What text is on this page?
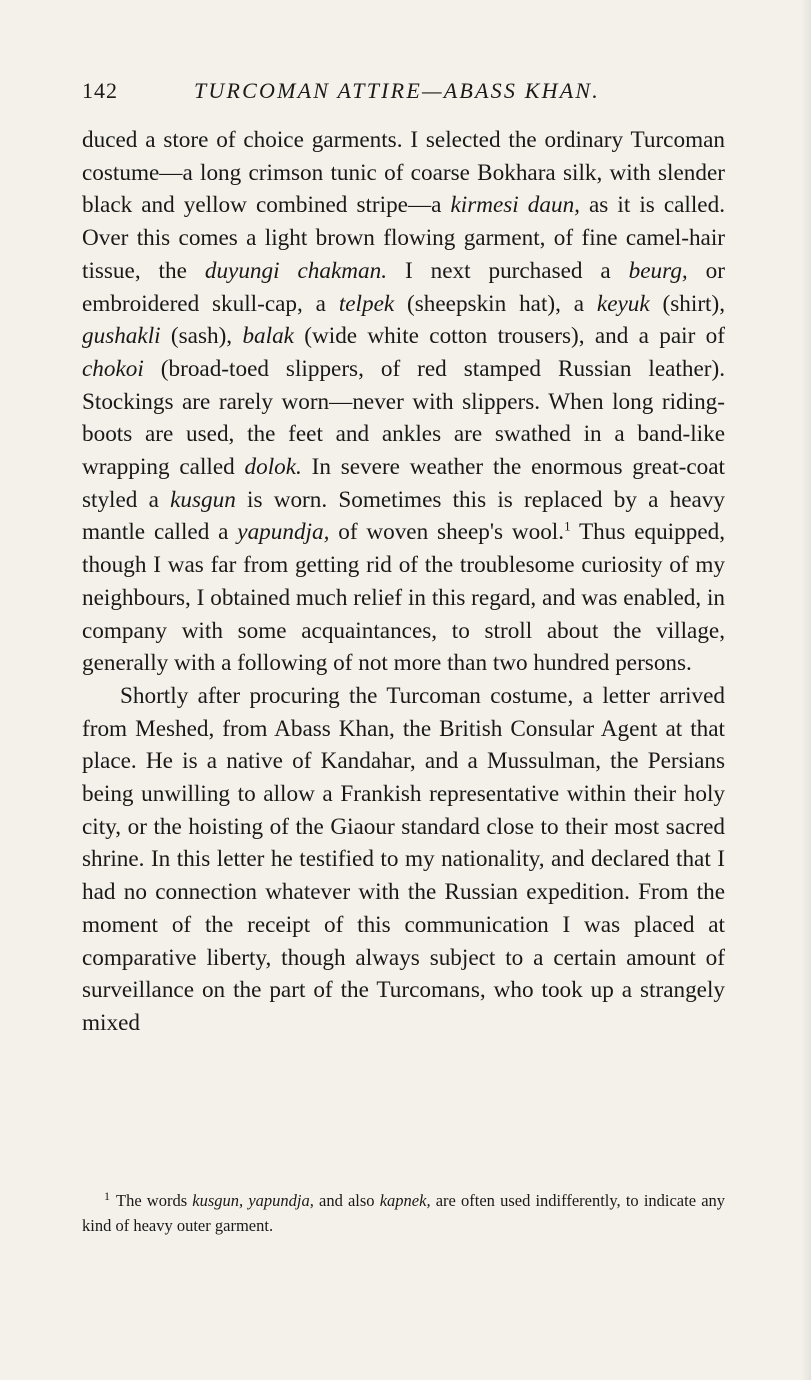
142	TURCOMAN ATTIRE—ABASS KHAN.

duced a store of choice garments. I selected the ordinary Turcoman costume—a long crimson tunic of coarse Bokhara silk, with slender black and yellow combined stripe—a kirmesi daun, as it is called. Over this comes a light brown flowing garment, of fine camel-hair tissue, the duyungi chakman. I next purchased a beurg, or embroidered skull-cap, a telpek (sheepskin hat), a keyuk (shirt), gushakli (sash), balak (wide white cotton trousers), and a pair of chokoi (broad-toed slippers, of red stamped Russian leather). Stockings are rarely worn—never with slippers. When long riding-boots are used, the feet and ankles are swathed in a band-like wrapping called dolok. In severe weather the enormous great-coat styled a kusgun is worn. Sometimes this is replaced by a heavy mantle called a yapundja, of woven sheep's wool.$^1$ Thus equipped, though I was far from getting rid of the troublesome curiosity of my neighbours, I obtained much relief in this regard, and was enabled, in company with some acquaintances, to stroll about the village, generally with a following of not more than two hundred persons.

Shortly after procuring the Turcoman costume, a letter arrived from Meshed, from Abass Khan, the British Consular Agent at that place. He is a native of Kandahar, and a Mussulman, the Persians being unwilling to allow a Frankish representative within their holy city, or the hoisting of the Giaour standard close to their most sacred shrine. In this letter he testified to my nationality, and declared that I had no connection whatever with the Russian expedition. From the moment of the receipt of this communication I was placed at comparative liberty, though always subject to a certain amount of surveillance on the part of the Turcomans, who took up a strangely mixed

$^1$ The words kusgun, yapundja, and also kapnek, are often used indifferently, to indicate any kind of heavy outer garment.
